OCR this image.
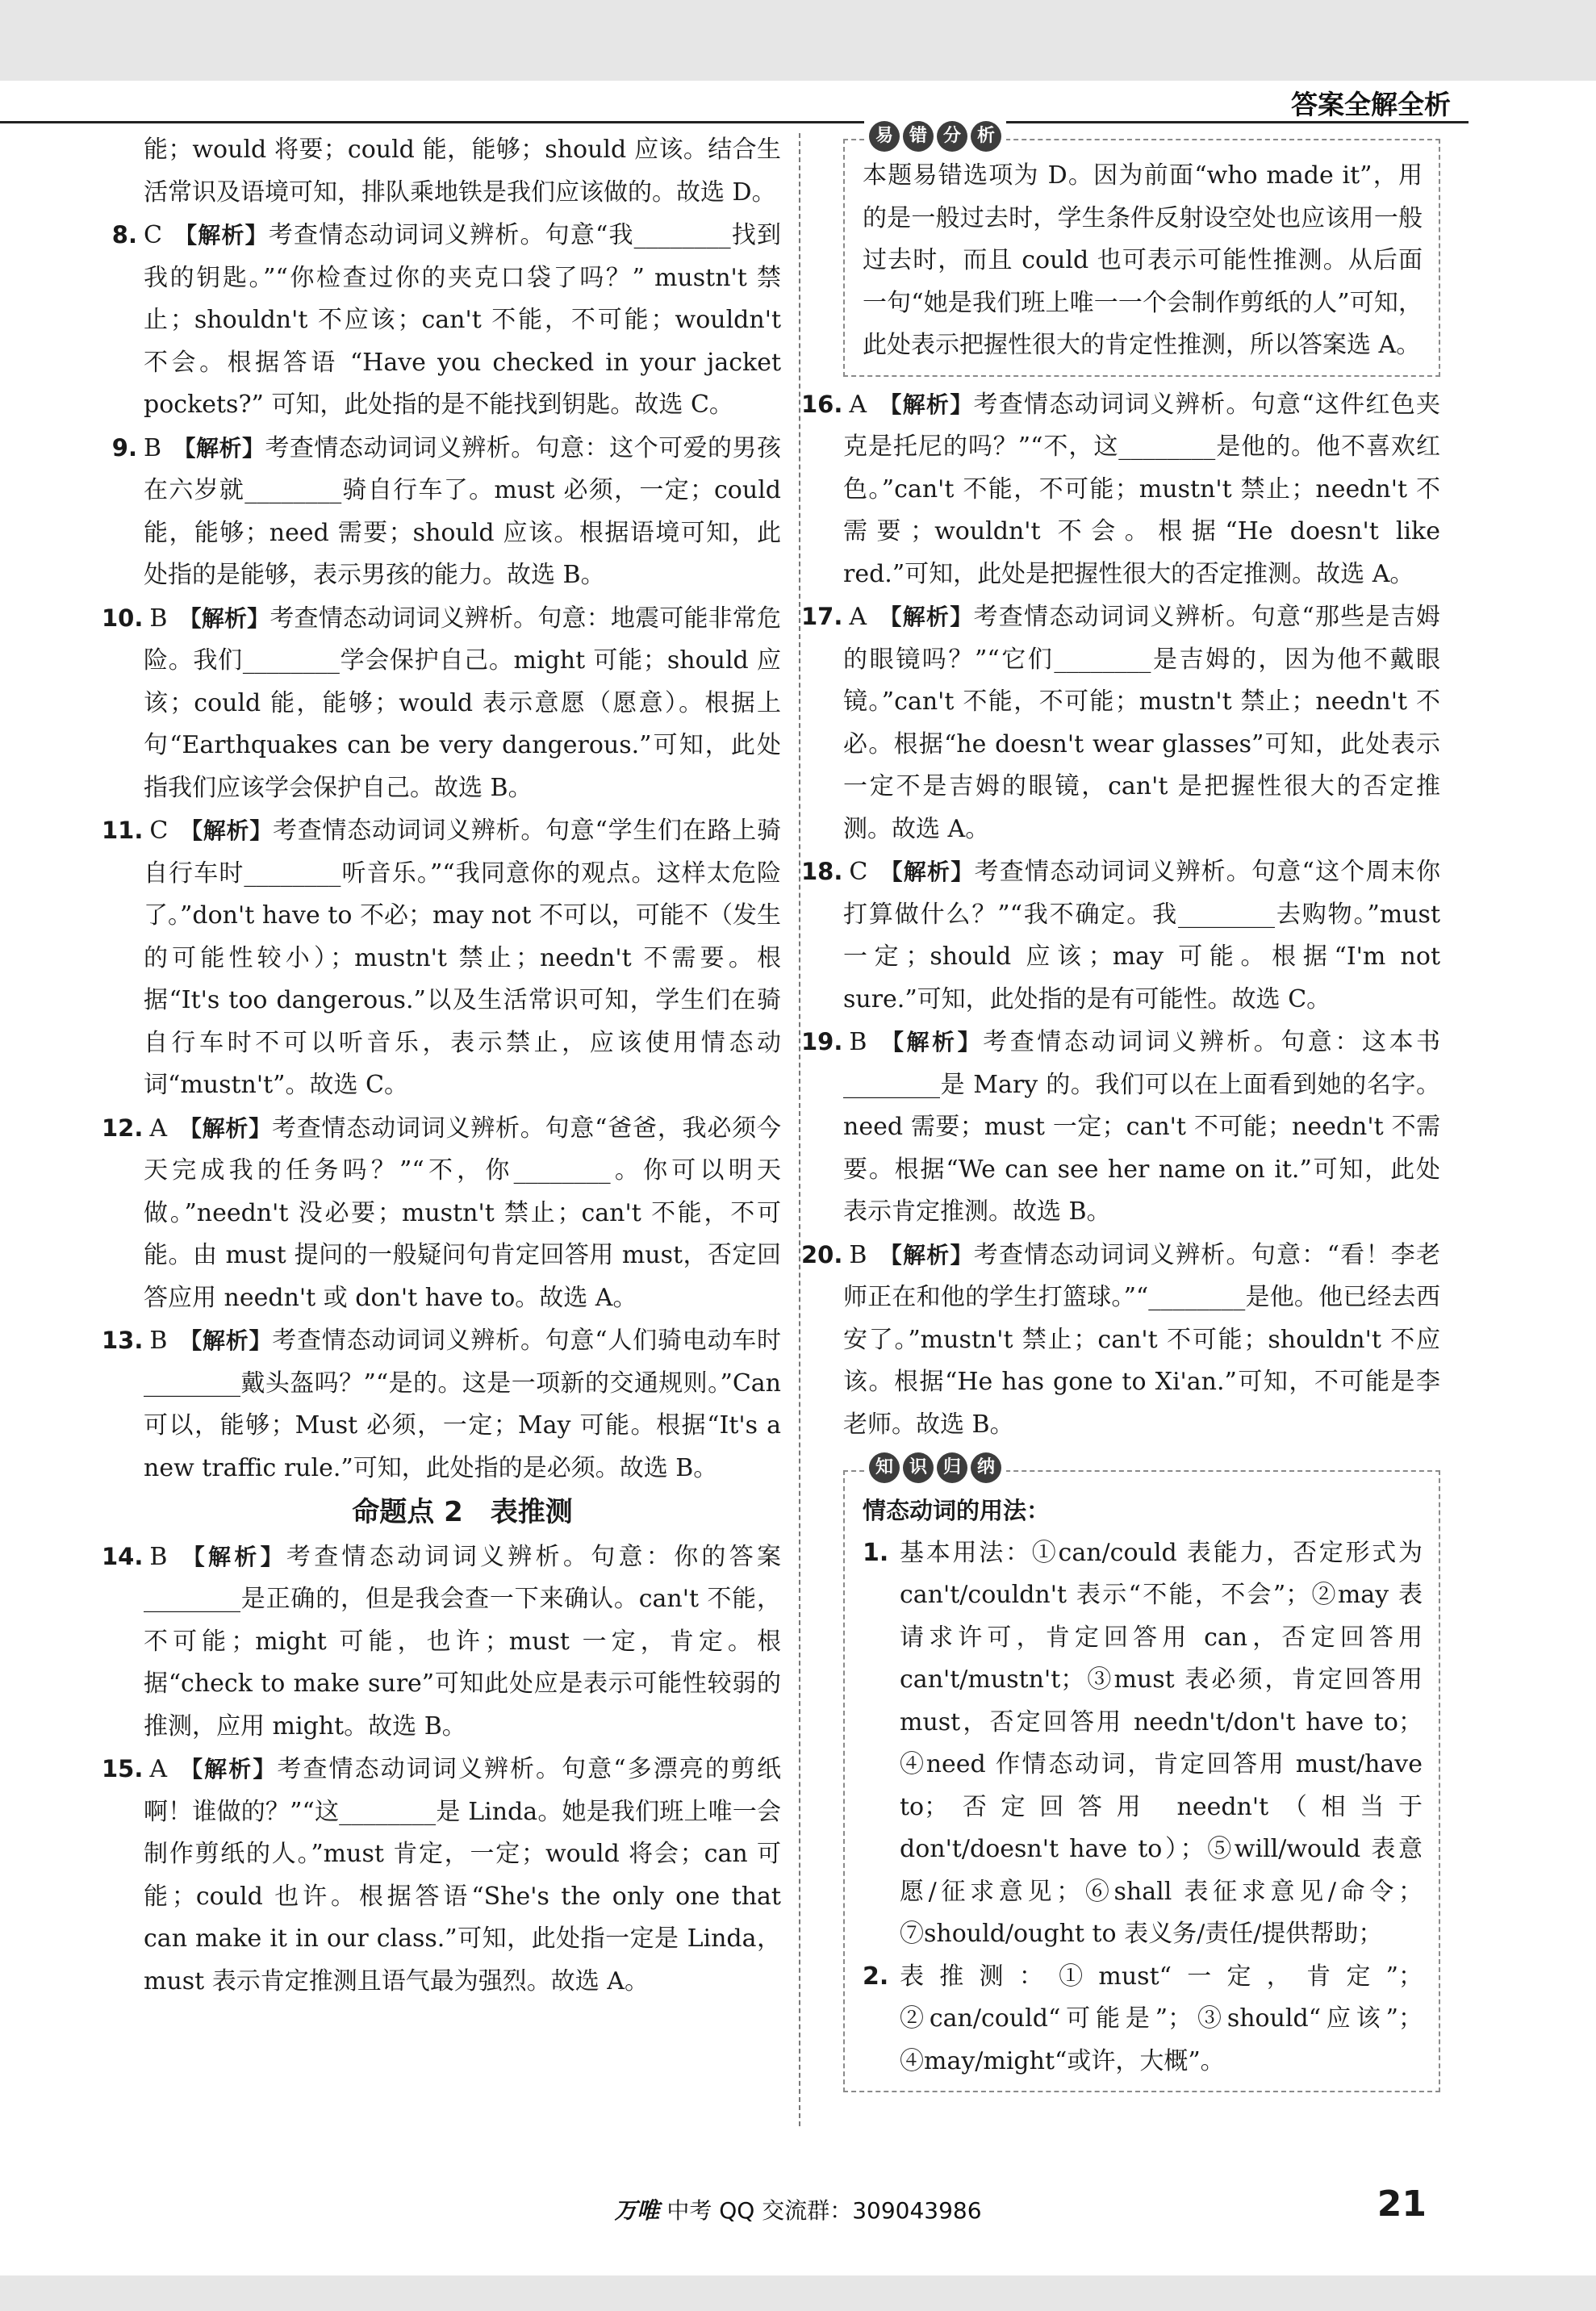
答案全解全析

能；would 将要；could 能，能够；should 应该。结合生活常识及语境可知，排队乘地铁是我们应该做的。故选 D。

8. C 【解析】考查情态动词词义辨析。句意“我________找到我的钥匙。”“你检查过你的夹克口袋了吗？” mustn't 禁止；shouldn't 不应该；can't 不能，不可能；wouldn't 不会。根据答语 “Have you checked in your jacket pockets?” 可知，此处指的是不能找到钥匙。故选 C。

9. B 【解析】考查情态动词词义辨析。句意：这个可爱的男孩在六岁就________骑自行车了。must 必须，一定；could 能，能够；need 需要；should 应该。根据语境可知，此处指的是能够，表示男孩的能力。故选 B。

10. B 【解析】考查情态动词词义辨析。句意：地震可能非常危险。我们________学会保护自己。might 可能；should 应该；could 能，能够；would 表示意愿（愿意）。根据上句“Earthquakes can be very dangerous.”可知，此处指我们应该学会保护自己。故选 B。

11. C 【解析】考查情态动词词义辨析。句意“学生们在路上骑自行车时________听音乐。”“我同意你的观点。这样太危险了。”don't have to 不必；may not 不可以，可能不（发生的可能性较小）；mustn't 禁止；needn't 不需要。根据“It's too dangerous.”以及生活常识可知，学生们在骑自行车时不可以听音乐，表示禁止，应该使用情态动词“mustn't”。故选 C。

12. A 【解析】考查情态动词词义辨析。句意“爸爸，我必须今天完成我的任务吗？”“不，你________。你可以明天做。”needn't 没必要；mustn't 禁止；can't 不能，不可能。由 must 提问的一般疑问句肯定回答用 must，否定回答应用 needn't 或 don't have to。故选 A。

13. B 【解析】考查情态动词词义辨析。句意“人们骑电动车时________戴头盔吗？”“是的。这是一项新的交通规则。”Can 可以，能够；Must 必须，一定；May 可能。根据“It's a new traffic rule.”可知，此处指的是必须。故选 B。

命题点 2　表推测

14. B 【解析】考查情态动词词义辨析。句意：你的答案________是正确的，但是我会查一下来确认。can't 不能，不可能；might 可能，也许；must 一定，肯定。根据“check to make sure”可知此处应是表示可能性较弱的推测，应用 might。故选 B。

15. A 【解析】考查情态动词词义辨析。句意“多漂亮的剪纸啊！谁做的？”“这________是 Linda。她是我们班上唯一会制作剪纸的人。”must 肯定，一定；would 将会；can 可能；could 也许。根据答语“She's the only one that can make it in our class.”可知，此处指一定是 Linda，must 表示肯定推测且语气最为强烈。故选 A。

易 错 分 析
本题易错选项为 D。因为前面“who made it”，用的是一般过去时，学生条件反射设空处也应该用一般过去时，而且 could 也可表示可能性推测。从后面一句“她是我们班上唯一一个会制作剪纸的人”可知，此处表示把握性很大的肯定性推测，所以答案选 A。

16. A 【解析】考查情态动词词义辨析。句意“这件红色夹克是托尼的吗？”“不，这________是他的。他不喜欢红色。”can't 不能，不可能；mustn't 禁止；needn't 不需要；wouldn't 不会。根据“He doesn't like red.”可知，此处是把握性很大的否定推测。故选 A。

17. A 【解析】考查情态动词词义辨析。句意“那些是吉姆的眼镜吗？”“它们________是吉姆的，因为他不戴眼镜。”can't 不能，不可能；mustn't 禁止；needn't 不必。根据“he doesn't wear glasses”可知，此处表示一定不是吉姆的眼镜，can't 是把握性很大的否定推测。故选 A。

18. C 【解析】考查情态动词词义辨析。句意“这个周末你打算做什么？”“我不确定。我________去购物。”must 一定；should 应该；may 可能。根据“I'm not sure.”可知，此处指的是有可能性。故选 C。

19. B 【解析】考查情态动词词义辨析。句意：这本书________是 Mary 的。我们可以在上面看到她的名字。need 需要；must 一定；can't 不可能；needn't 不需要。根据“We can see her name on it.”可知，此处表示肯定推测。故选 B。

20. B 【解析】考查情态动词词义辨析。句意：“看！李老师正在和他的学生打篮球。”“________是他。他已经去西安了。”mustn't 禁止；can't 不可能；shouldn't 不应该。根据“He has gone to Xi'an.”可知，不可能是李老师。故选 B。

知 识 归 纳
情态动词的用法：
1. 基本用法：①can/could 表能力，否定形式为 can't/couldn't 表示“不能，不会”；②may 表请求许可，肯定回答用 can，否定回答用 can't/mustn't；③must 表必须，肯定回答用 must，否定回答用 needn't/don't have to；④need 作情态动词，肯定回答用 must/have to；否定回答用 needn't（相当于 don't/doesn't have to）；⑤will/would 表意愿/征求意见；⑥shall 表征求意见/命令；⑦should/ought to 表义务/责任/提供帮助；
2. 表推测：①must“一定，肯定”；②can/could“可能是”；③should“应该”；④may/might“或许，大概”。
万唯 中考 QQ 交流群：309043986	21
